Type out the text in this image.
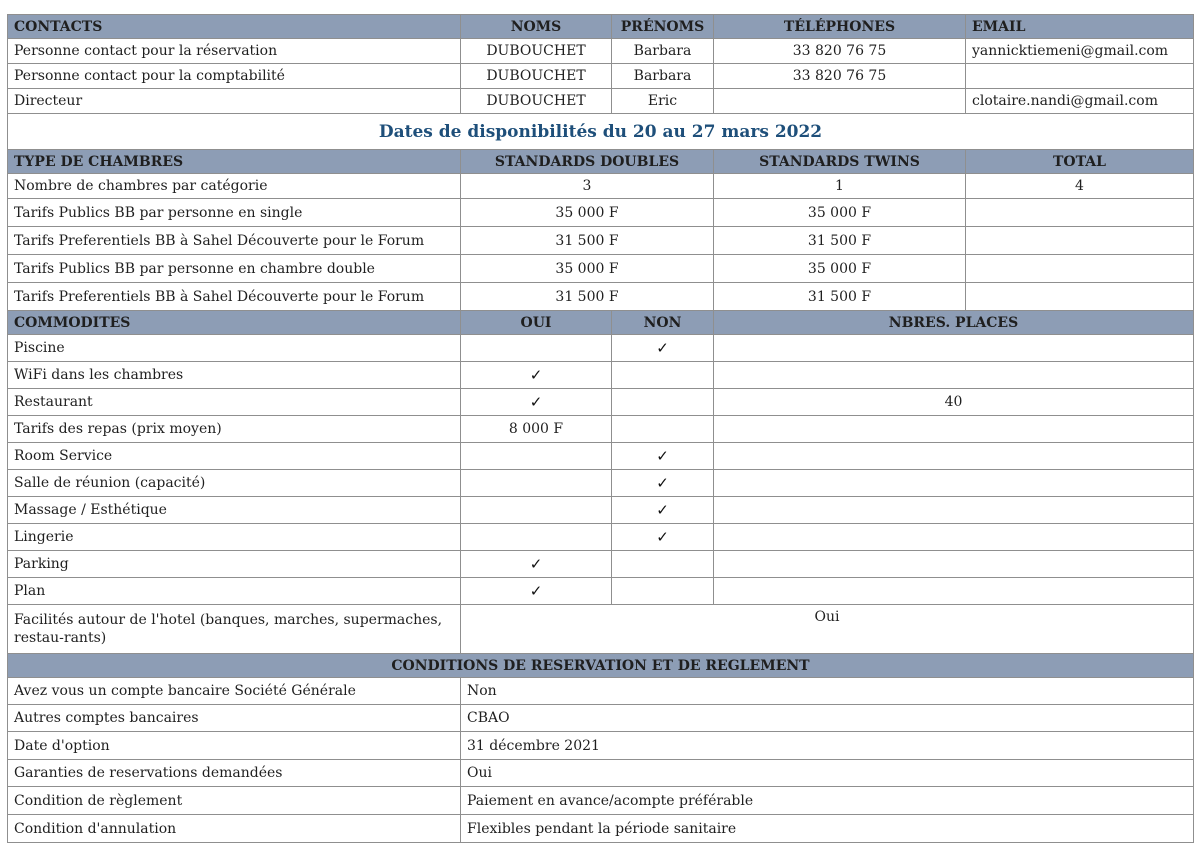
CONTACTS	NOMS	PRÉNOMS	TÉLÉPHONES	EMAIL
Personne contact pour la réservation	DUBOUCHET	Barbara	33 820 76 75	yannicktiemeni@gmail.com
Personne contact pour la comptabilité	DUBOUCHET	Barbara	33 820 76 75	
Directeur	DUBOUCHET	Eric		clotaire.nandi@gmail.com
Dates de disponibilités du 20 au 27 mars 2022				
TYPE DE CHAMBRES	STANDARDS DOUBLES		STANDARDS TWINS	TOTAL
Nombre de chambres par catégorie	3		1	4
Tarifs Publics BB par personne en single	35 000 F		35 000 F	
Tarifs Preferentiels BB à Sahel Découverte pour le Forum	31 500 F		31 500 F	
Tarifs Publics BB par personne en chambre double	35 000 F		35 000 F	
Tarifs Preferentiels BB à Sahel Découverte pour le Forum	31 500 F		31 500 F	
COMMODITES	OUI	NON	NBRES. PLACES	
Piscine		✓		
WiFi dans les chambres	✓			
Restaurant	✓		40	
Tarifs des repas (prix moyen)	8 000 F			
Room Service		✓		
Salle de réunion (capacité)		✓		
Massage / Esthétique		✓		
Lingerie		✓		
Parking	✓			
Plan	✓			
Facilités autour de l'hotel (banques, marches, supermaches, restau-rants)	Oui			
CONDITIONS DE RESERVATION ET DE REGLEMENT				
Avez vous un compte bancaire Société Générale	Non			
Autres comptes bancaires	CBAO			
Date d'option	31 décembre 2021			
Garanties de reservations demandées	Oui			
Condition de règlement	Paiement en avance/acompte préférable			
Condition d'annulation	Flexibles pendant la période sanitaire			
